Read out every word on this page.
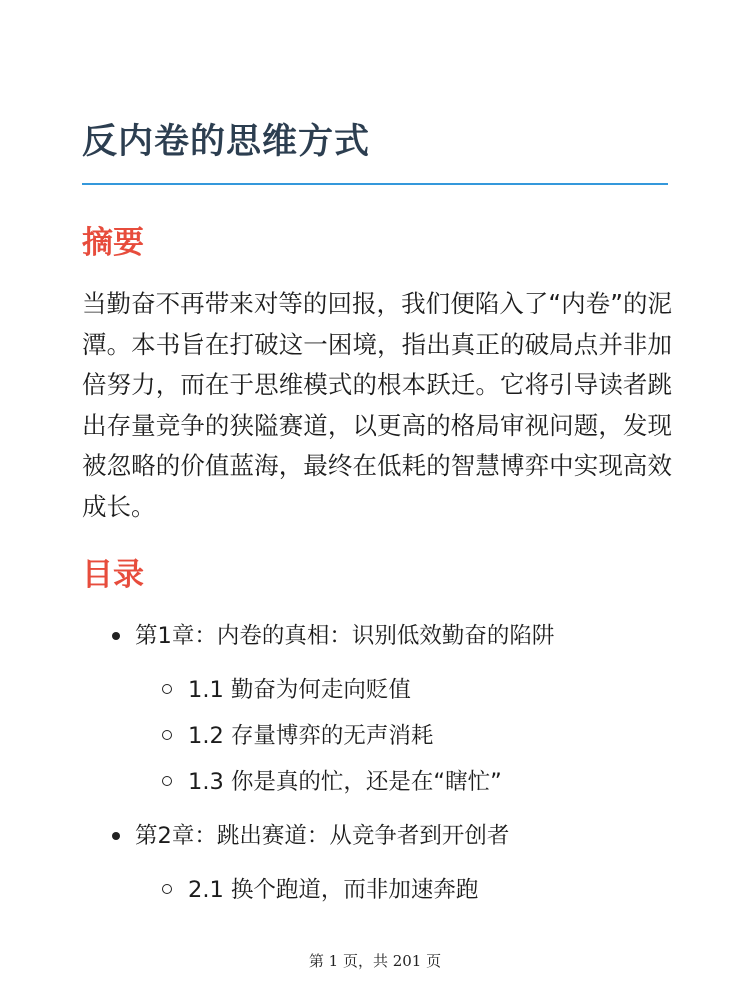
反内卷的思维方式
摘要

当勤奋不再带来对等的回报，我们便陷入了“内卷”的泥潭。本书旨在打破这一困境，指出真正的破局点并非加倍努力，而在于思维模式的根本跃迁。它将引导读者跳出存量竞争的狭隘赛道，以更高的格局审视问题，发现被忽略的价值蓝海，最终在低耗的智慧博弈中实现高效成长。

目录
第1章：内卷的真相：识别低效勤奋的陷阱
1.1 勤奋为何走向贬值
1.2 存量博弈的无声消耗
1.3 你是真的忙，还是在“瞎忙”
第2章：跳出赛道：从竞争者到开创者
2.1 换个跑道，而非加速奔跑
第 1 页，共 201 页
